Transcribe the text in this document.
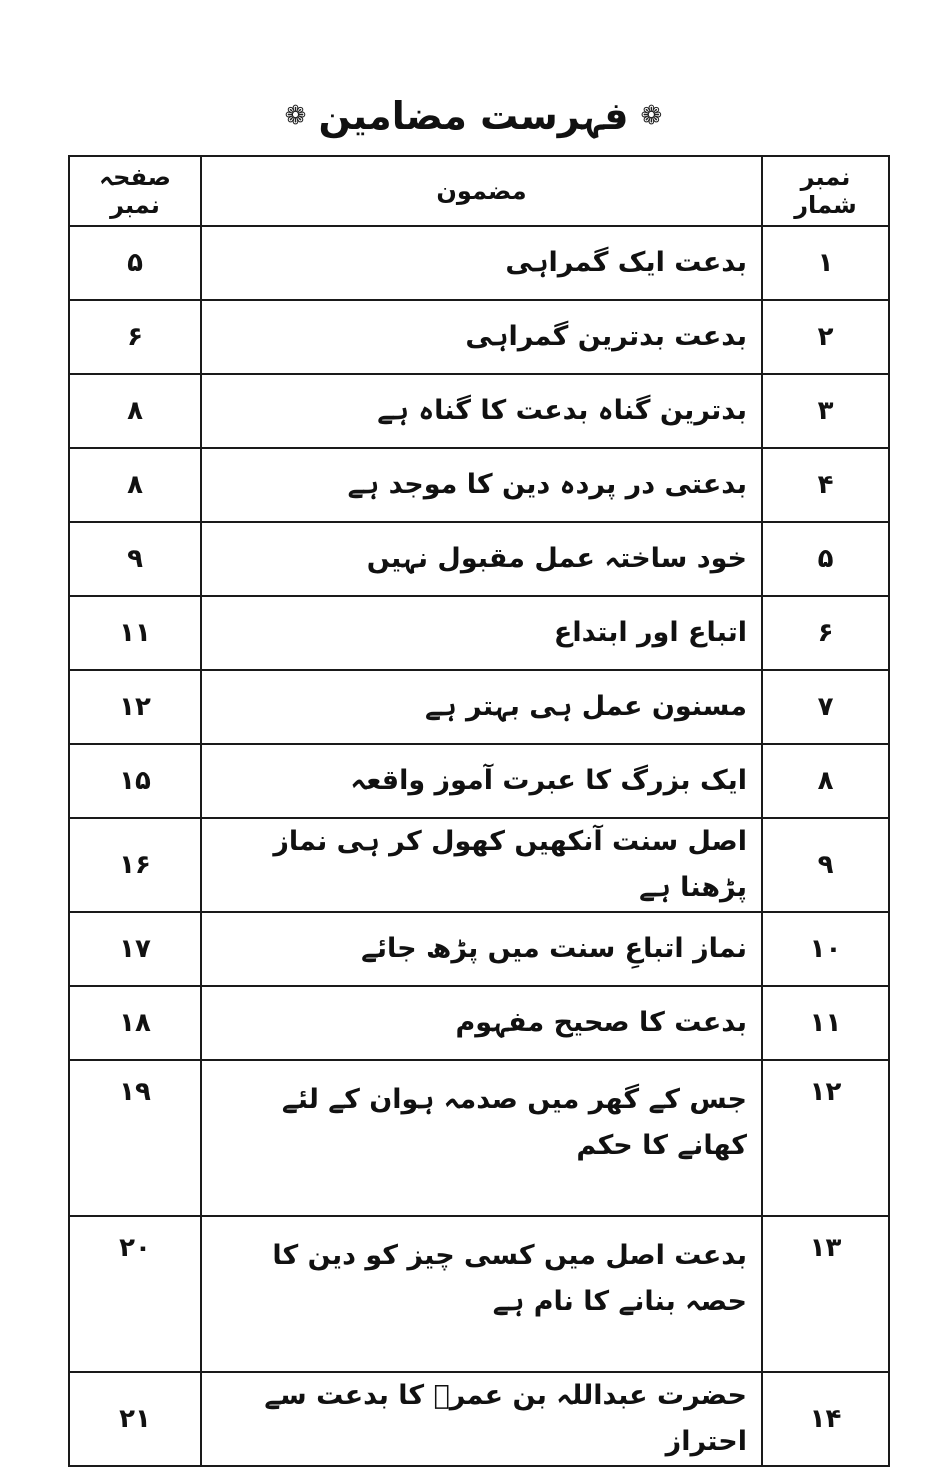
❁
فہرست مضامین
❁
نمبر شمار	مضمون	صفحہ نمبر
۱	بدعت ایک گمراہی	۵
۲	بدعت بدترین گمراہی	۶
۳	بدترین گناہ بدعت کا گناہ ہے	۸
۴	بدعتی در پردہ دین کا موجد ہے	۸
۵	خود ساختہ عمل مقبول نہیں	۹
۶	اتباع اور ابتداع	۱۱
۷	مسنون عمل ہی بہتر ہے	۱۲
۸	ایک بزرگ کا عبرت آموز واقعہ	۱۵
۹	اصل سنت آنکھیں کھول کر ہی نماز پڑھنا ہے	۱۶
۱۰	نماز اتباعِ سنت میں پڑھ جائے	۱۷
۱۱	بدعت کا صحیح مفہوم	۱۸
۱۲	جس کے گھر میں صدمہ ہوان کے لئے کھانے کا حکم	۱۹
۱۳	بدعت اصل میں کسی چیز کو دین کا حصہ بنانے کا نام ہے	۲۰
۱۴	حضرت عبداللہ بن عمرؓ کا بدعت سے احتراز	۲۱
